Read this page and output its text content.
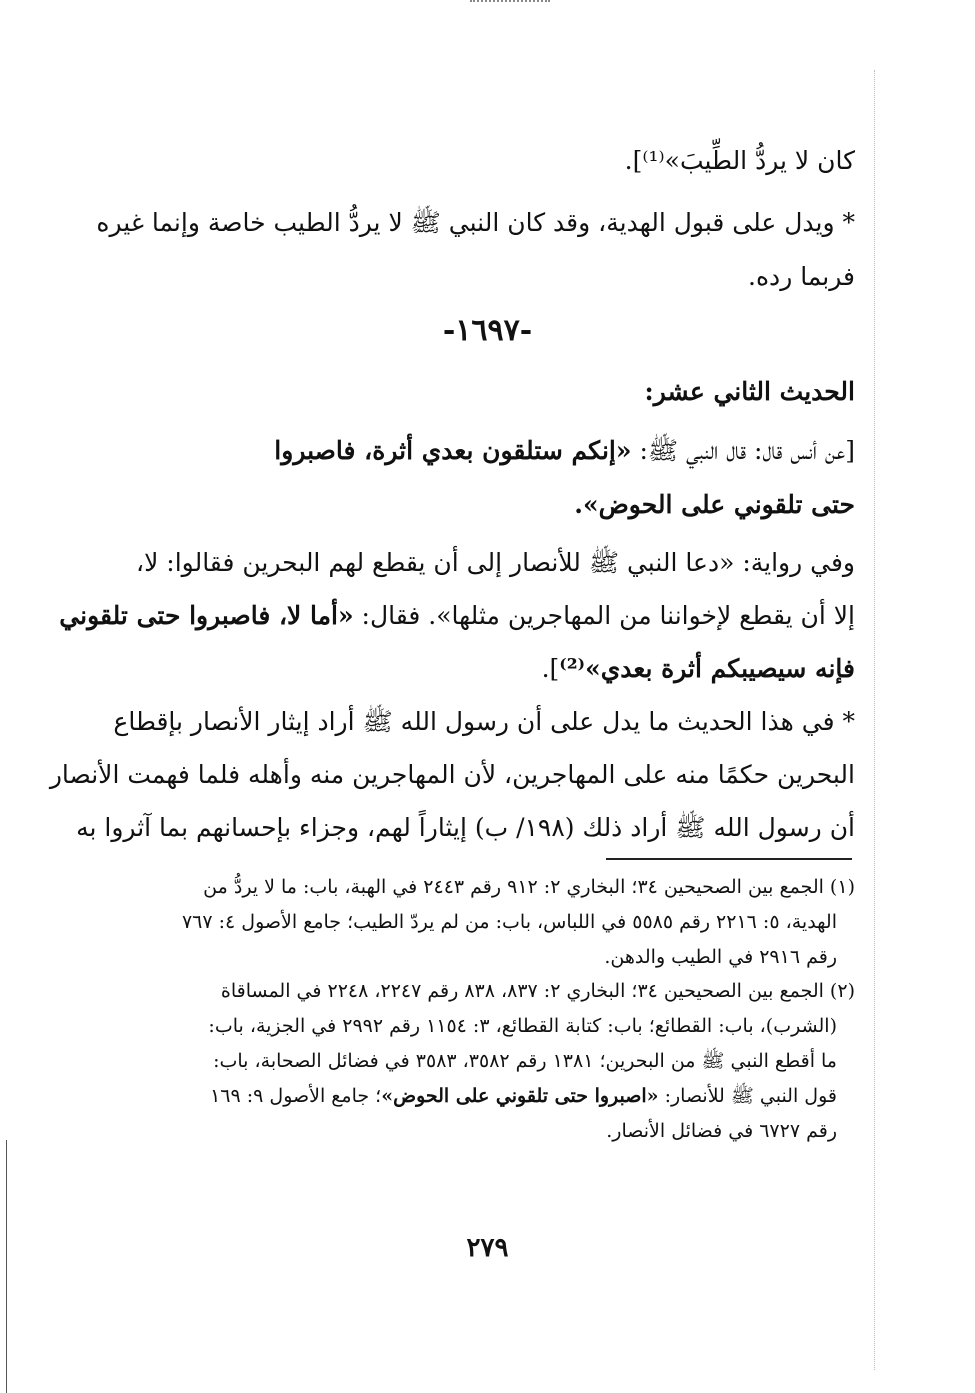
كان لا يردُّ الطِّيبَ»⁽¹⁾].
* ويدل على قبول الهدية، وقد كان النبي ﷺ لا يردُّ الطيب خاصة وإنما غيره
فربما رده.
-١٦٩٧-
الحديث الثاني عشر:
[عن أنس قال: قال النبي ﷺ: «إنكم ستلقون بعدي أثرة، فاصبروا
حتى تلقوني على الحوض».
وفي رواية: «دعا النبي ﷺ للأنصار إلى أن يقطع لهم البحرين فقالوا: لا،
إلا أن يقطع لإخواننا من المهاجرين مثلها». فقال: «أما لا، فاصبروا حتى تلقوني
فإنه سيصيبكم أثرة بعدي»⁽²⁾].
* في هذا الحديث ما يدل على أن رسول الله ﷺ أراد إيثار الأنصار بإقطاع
البحرين حكمًا منه على المهاجرين، لأن المهاجرين منه وأهله فلما فهمت الأنصار
أن رسول الله ﷺ أراد ذلك (١٩٨/ ب) إيثاراً لهم، وجزاء بإحسانهم بما آثروا به
(١) الجمع بين الصحيحين ٣٤؛ البخاري ٢: ٩١٢ رقم ٢٤٤٣ في الهبة، باب: ما لا يردُّ من
الهدية، ٥: ٢٢١٦ رقم ٥٥٨٥ في اللباس، باب: من لم يردّ الطيب؛ جامع الأصول ٤: ٧٦٧
رقم ٢٩١٦ في الطيب والدهن.
(٢) الجمع بين الصحيحين ٣٤؛ البخاري ٢: ٨٣٧، ٨٣٨ رقم ٢٢٤٧، ٢٢٤٨ في المساقاة
(الشرب)، باب: القطائع؛ باب: كتابة القطائع، ٣: ١١٥٤ رقم ٢٩٩٢ في الجزية، باب:
ما أقطع النبي ﷺ من البحرين؛ ١٣٨١ رقم ٣٥٨٢، ٣٥٨٣ في فضائل الصحابة، باب:
قول النبي ﷺ للأنصار: «اصبروا حتى تلقوني على الحوض»؛ جامع الأصول ٩: ١٦٩
رقم ٦٧٢٧ في فضائل الأنصار.
٢٧٩
